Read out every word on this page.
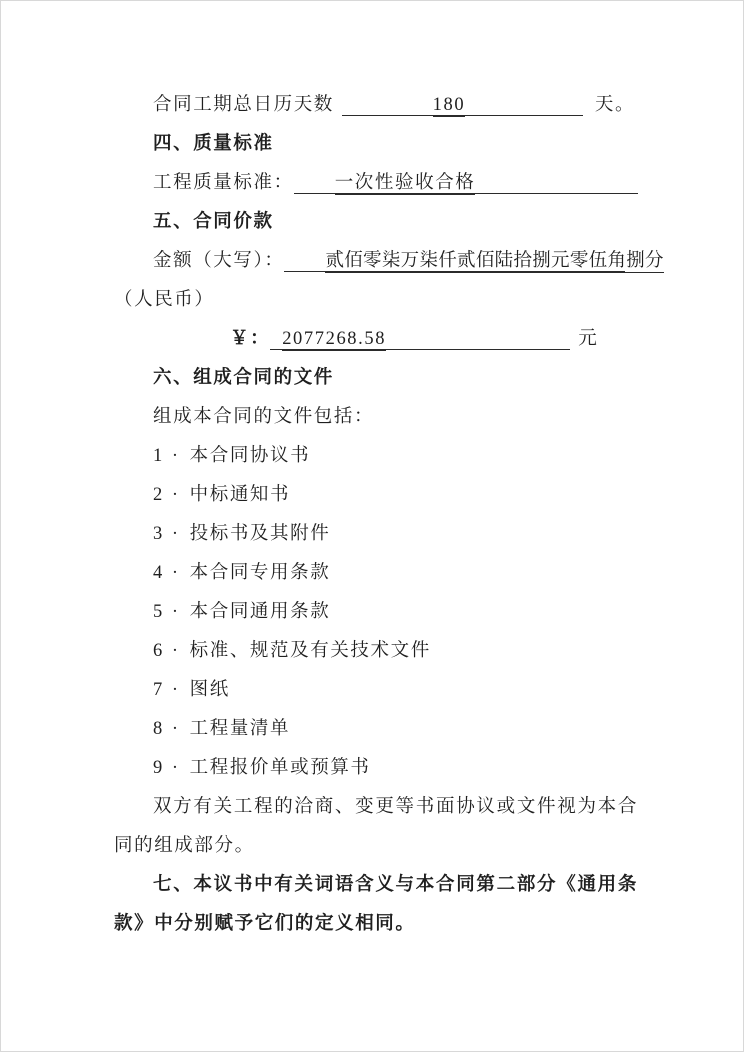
合同工期总日历天数	180	天。

四、质量标准

工程质量标准： 一次性验收合格

五、合同价款

金额（大写）： 贰佰零柒万柒仟贰佰陆拾捌元零伍角捌分

（人民币）

￥： 2077268.58	元

六、组成合同的文件

组成本合同的文件包括：

1 · 本合同协议书

2 · 中标通知书

3 · 投标书及其附件

4 · 本合同专用条款

5 · 本合同通用条款

6 · 标准、规范及有关技术文件

7 · 图纸

8 · 工程量清单

9 · 工程报价单或预算书

双方有关工程的洽商、变更等书面协议或文件视为本合同的组成部分。

七、本议书中有关词语含义与本合同第二部分《通用条款》中分别赋予它们的定义相同。
